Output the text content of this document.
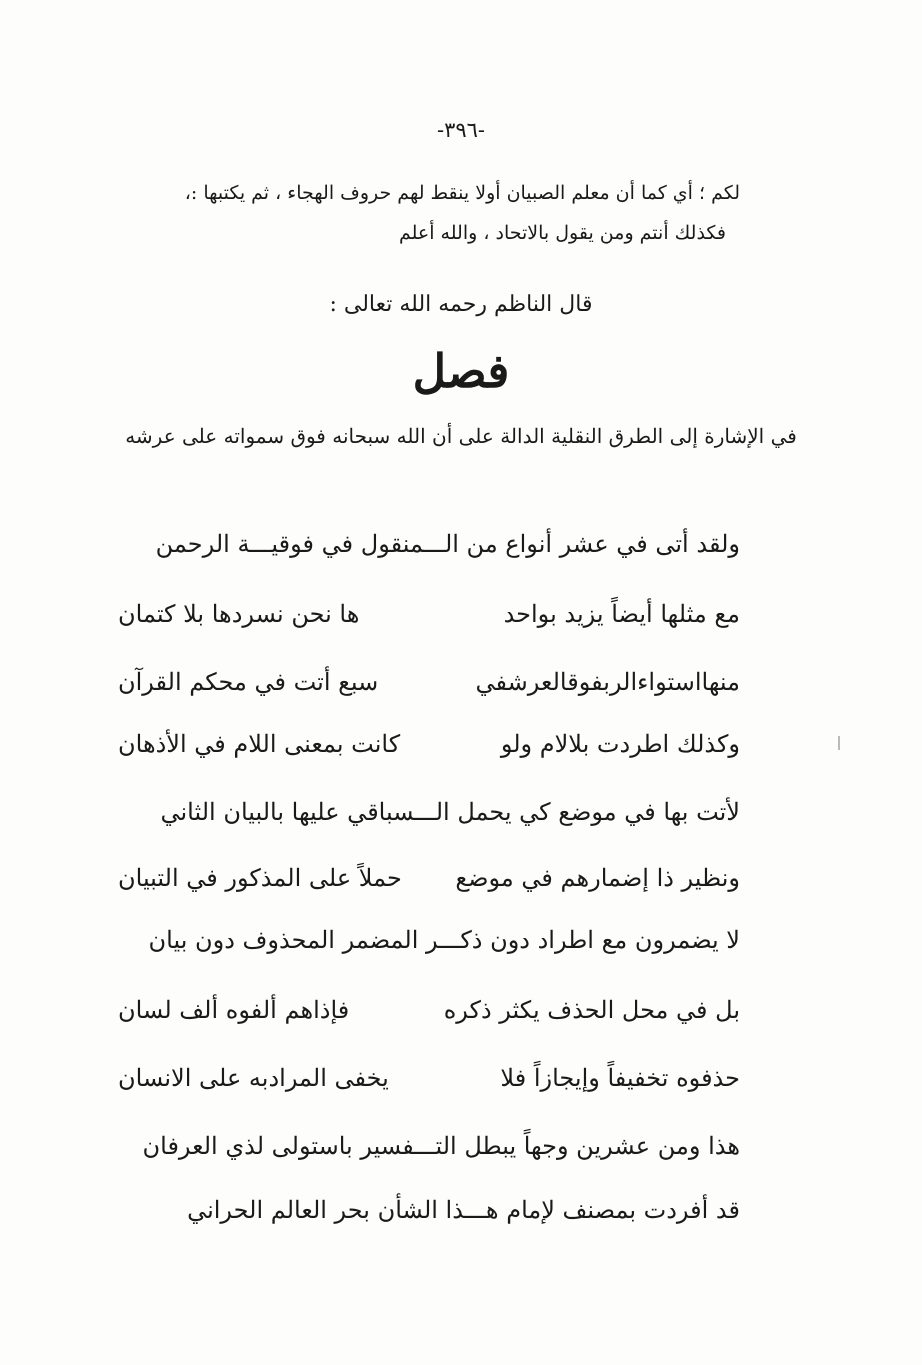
-٣٩٦-
لكم ؛ أي كما أن معلم الصبيان أولا ينقط لهم حروف الهجاء ، ثم يكتبها :،
فكذلك أنتم ومن يقول بالاتحاد ، والله أعلم
قال الناظم رحمه الله تعالى :
فصل
في الإشارة إلى الطرق النقلية الدالة على أن الله سبحانه فوق سمواته على عرشه
ولقد أتى في عشر أنواع من الـــمنقول في فوقيـــة الرحمن
مع مثلها أيضاً يزيد بواحد
ها نحن نسردها بلا كتمان
منهااستواءالربفوقالعرشفي
سبع أتت في محكم القرآن
وكذلك اطردت بلالام ولو
كانت بمعنى اللام في الأذهان
لأتت بها في موضع كي يحمل الـــسباقي عليها بالبيان الثاني
ونظير ذا إضمارهم في موضع
حملاً على المذكور في التبيان
لا يضمرون مع اطراد دون ذكـــر المضمر المحذوف دون بيان
بل في محل الحذف يكثر ذكره
فإذاهم ألفوه ألف لسان
حذفوه تخفيفاً وإيجازاً فلا
يخفى المرادبه على الانسان
هذا ومن عشرين وجهاً يبطل التـــفسير باستولى لذي العرفان
قد أفردت بمصنف لإمام هـــذا الشأن بحر العالم الحراني
